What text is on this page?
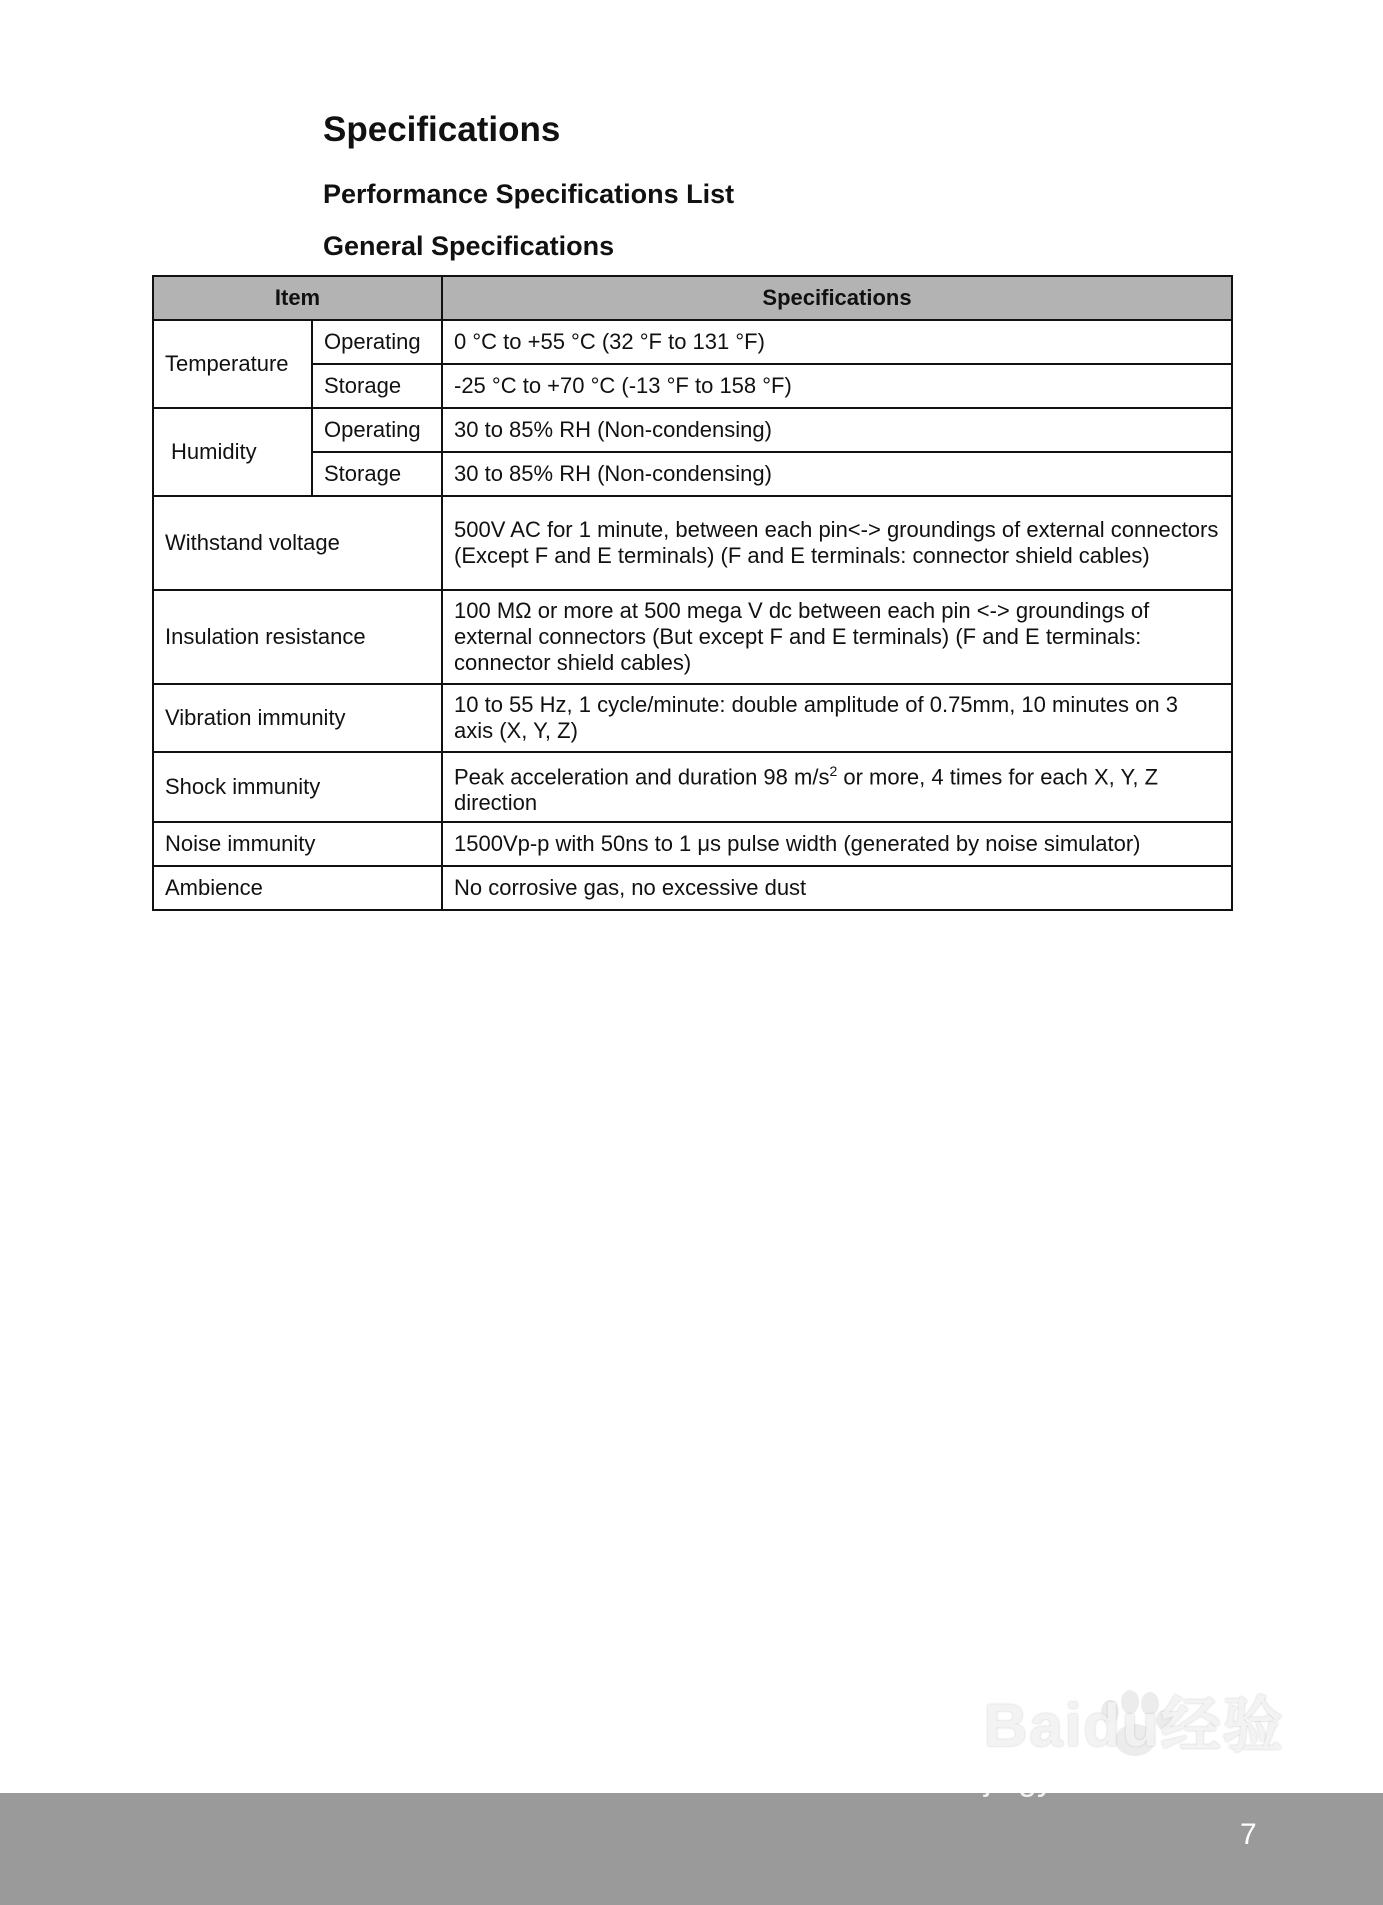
Specifications
Performance Specifications List
General Specifications
Item		Specifications
Temperature	Operating	0 °C to +55 °C (32 °F to 131 °F)
	Storage	-25 °C to +70 °C (-13 °F to 158 °F)
Humidity	Operating	30 to 85% RH (Non-condensing)
	Storage	30 to 85% RH (Non-condensing)
Withstand voltage		500V AC for 1 minute, between each pin<-> groundings of external connectors
(Except F and E terminals) (F and E terminals: connector shield cables)

Insulation resistance		100 MΩ or more at 500 mega V dc between each pin <-> groundings of external connectors (But except F and E terminals) (F and E terminals: connector shield cables)
Vibration immunity		10 to 55 Hz, 1 cycle/minute: double amplitude of 0.75mm, 10 minutes on 3 axis (X, Y, Z)
Shock immunity		Peak acceleration and duration 98 $m/s^2$ or more, 4 times for each X, Y, Z direction
Noise immunity		1500Vp-p with 50ns to 1 μs pulse width (generated by noise simulator)
Ambience		No corrosive gas, no excessive dust
Baidu经验
jingyan.baidu.com
7
